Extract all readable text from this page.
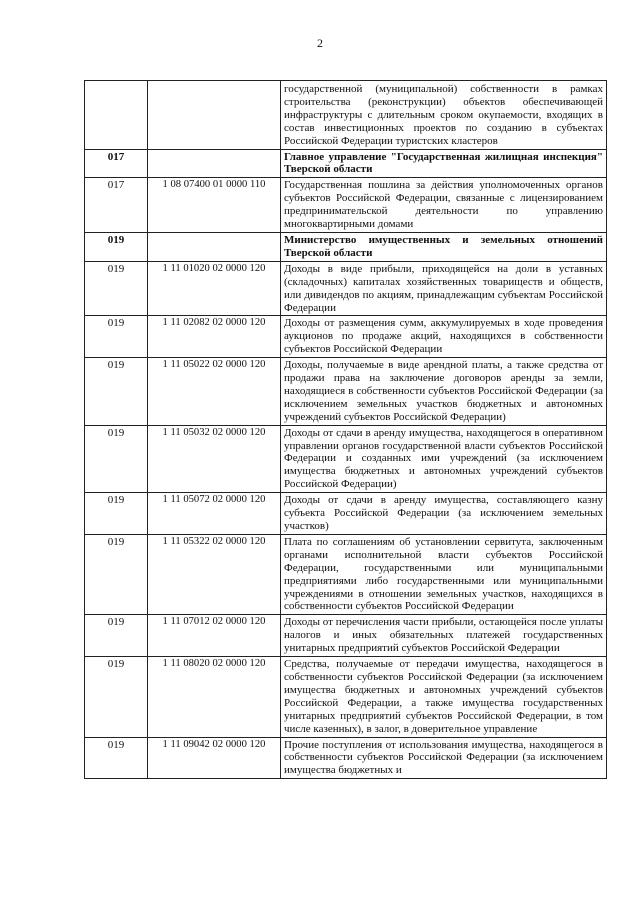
2
		государственной (муниципальной) собственности в рамках строительства (реконструкции) объектов обеспечивающей инфраструктуры с длительным сроком окупаемости, входящих в состав инвестиционных проектов по созданию в субъектах Российской Федерации туристских кластеров
017		Главное управление "Государственная жилищная инспекция" Тверской области
017	1 08 07400 01 0000 110	Государственная пошлина за действия уполномоченных органов субъектов Российской Федерации, связанные с лицензированием предпринимательской деятельности по управлению многоквартирными домами
019		Министерство имущественных и земельных отношений Тверской области
019	1 11 01020 02 0000 120	Доходы в виде прибыли, приходящейся на доли в уставных (складочных) капиталах хозяйственных товариществ и обществ, или дивидендов по акциям, принадлежащим субъектам Российской Федерации
019	1 11 02082 02 0000 120	Доходы от размещения сумм, аккумулируемых в ходе проведения аукционов по продаже акций, находящихся в собственности субъектов Российской Федерации
019	1 11 05022 02 0000 120	Доходы, получаемые в виде арендной платы, а также средства от продажи права на заключение договоров аренды за земли, находящиеся в собственности субъектов Российской Федерации (за исключением земельных участков бюджетных и автономных учреждений субъектов Российской Федерации)
019	1 11 05032 02 0000 120	Доходы от сдачи в аренду имущества, находящегося в оперативном управлении органов государственной власти субъектов Российской Федерации и созданных ими учреждений (за исключением имущества бюджетных и автономных учреждений субъектов Российской Федерации)
019	1 11 05072 02 0000 120	Доходы от сдачи в аренду имущества, составляющего казну субъекта Российской Федерации (за исключением земельных участков)
019	1 11 05322 02 0000 120	Плата по соглашениям об установлении сервитута, заключенным органами исполнительной власти субъектов Российской Федерации, государственными или муниципальными предприятиями либо государственными или муниципальными учреждениями в отношении земельных участков, находящихся в собственности субъектов Российской Федерации
019	1 11 07012 02 0000 120	Доходы от перечисления части прибыли, остающейся после уплаты налогов и иных обязательных платежей государственных унитарных предприятий субъектов Российской Федерации
019	1 11 08020 02 0000 120	Средства, получаемые от передачи имущества, находящегося в собственности субъектов Российской Федерации (за исключением имущества бюджетных и автономных учреждений субъектов Российской Федерации, а также имущества государственных унитарных предприятий субъектов Российской Федерации, в том числе казенных), в залог, в доверительное управление
019	1 11 09042 02 0000 120	Прочие поступления от использования имущества, находящегося в собственности субъектов Российской Федерации (за исключением имущества бюджетных и
